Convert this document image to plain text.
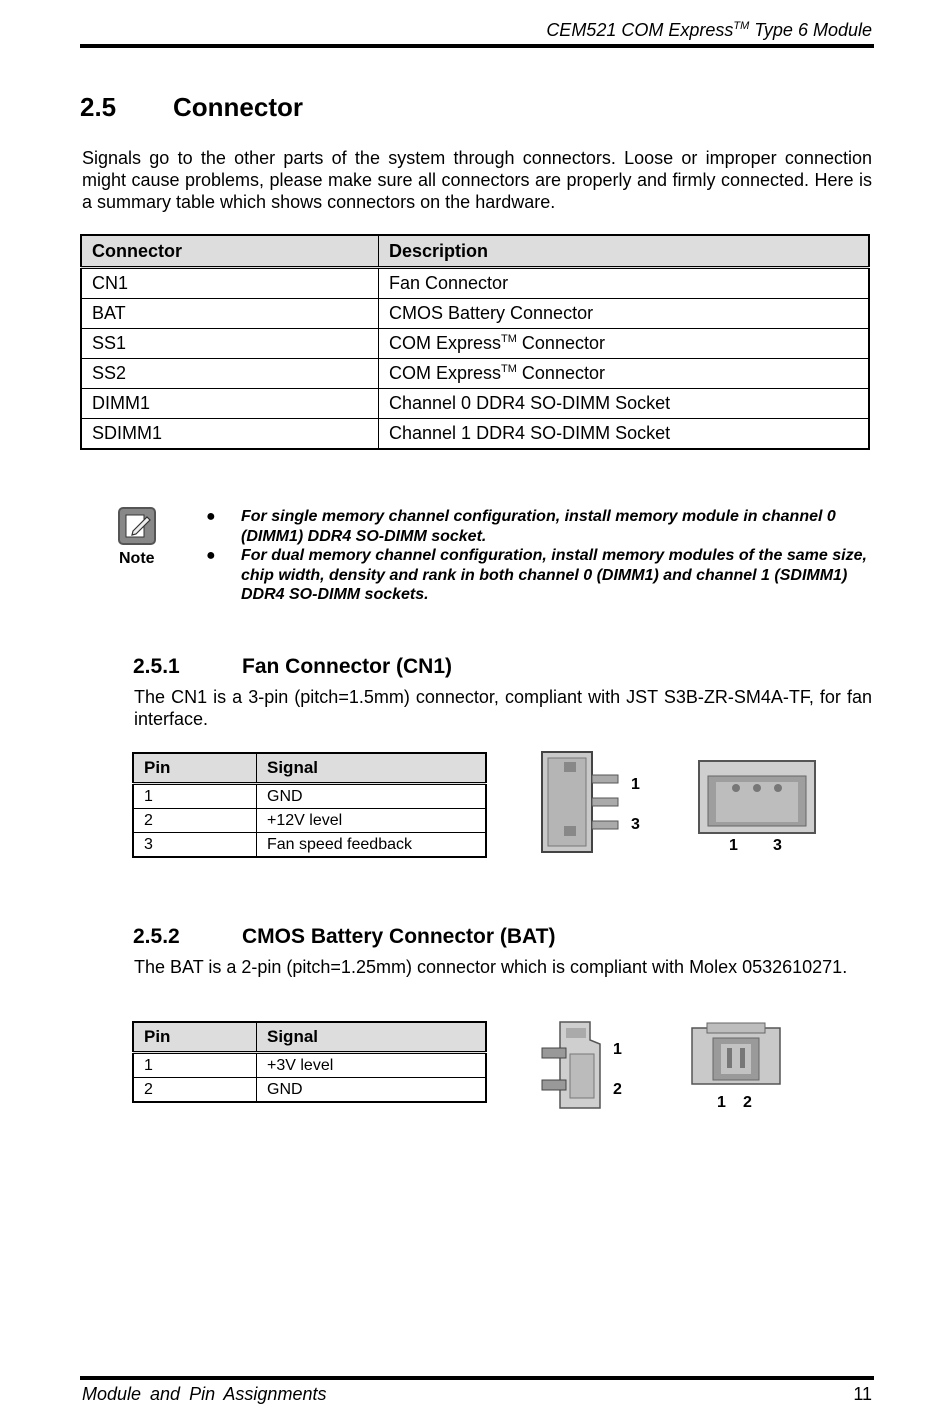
CEM521 COM Express™ Type 6 Module
2.5 Connector
Signals go to the other parts of the system through connectors. Loose or improper connection might cause problems, please make sure all connectors are properly and firmly connected. Here is a summary table which shows connectors on the hardware.
Connector	Description
CN1	Fan Connector
BAT	CMOS Battery Connector
SS1	COM Express™ Connector
SS2	COM Express™ Connector
DIMM1	Channel 0 DDR4 SO-DIMM Socket
SDIMM1	Channel 1 DDR4 SO-DIMM Socket
Note
● For single memory channel configuration, install memory module in channel 0 (DIMM1) DDR4 SO-DIMM socket.
● For dual memory channel configuration, install memory modules of the same size, chip width, density and rank in both channel 0 (DIMM1) and channel 1 (SDIMM1) DDR4 SO-DIMM sockets.
2.5.1	Fan Connector (CN1)
The CN1 is a 3-pin (pitch=1.5mm) connector, compliant with JST S3B-ZR-SM4A-TF, for fan interface.
Pin	Signal
1	GND
2	+12V level
3	Fan speed feedback
1
3
1 3
2.5.2	CMOS Battery Connector (BAT)
The BAT is a 2-pin (pitch=1.25mm) connector which is compliant with Molex 0532610271.
Pin	Signal
1	+3V level
2	GND
1
2
1 2
Module and Pin Assignments	11
